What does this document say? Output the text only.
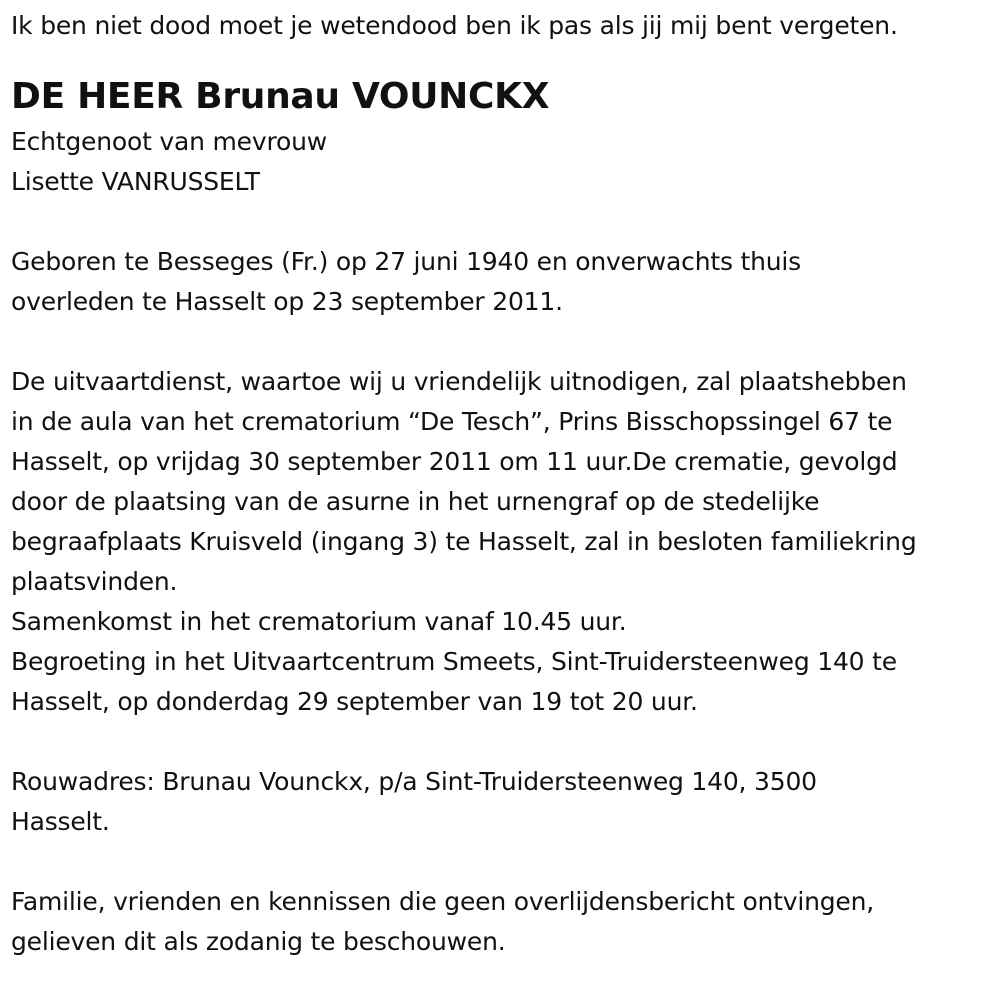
Ik ben niet dood moet je wetendood ben ik pas als jij mij bent vergeten.
DE HEER Brunau VOUNCKX
Echtgenoot van mevrouw
Lisette VANRUSSELT
Geboren te Besseges (Fr.) op 27 juni 1940 en onverwachts thuis
overleden te Hasselt op 23 september 2011.
De uitvaartdienst, waartoe wij u vriendelijk uitnodigen, zal plaatshebben
in de aula van het crematorium “De Tesch”, Prins Bisschopssingel 67 te
Hasselt, op vrijdag 30 september 2011 om 11 uur.De crematie, gevolgd
door de plaatsing van de asurne in het urnengraf op de stedelijke
begraafplaats Kruisveld (ingang 3) te Hasselt, zal in besloten familiekring
plaatsvinden.
Samenkomst in het crematorium vanaf 10.45 uur.
Begroeting in het Uitvaartcentrum Smeets, Sint-Truidersteenweg 140 te
Hasselt, op donderdag 29 september van 19 tot 20 uur.
Rouwadres: Brunau Vounckx, p/a Sint-Truidersteenweg 140, 3500
Hasselt.
Familie, vrienden en kennissen die geen overlijdensbericht ontvingen,
gelieven dit als zodanig te beschouwen.
